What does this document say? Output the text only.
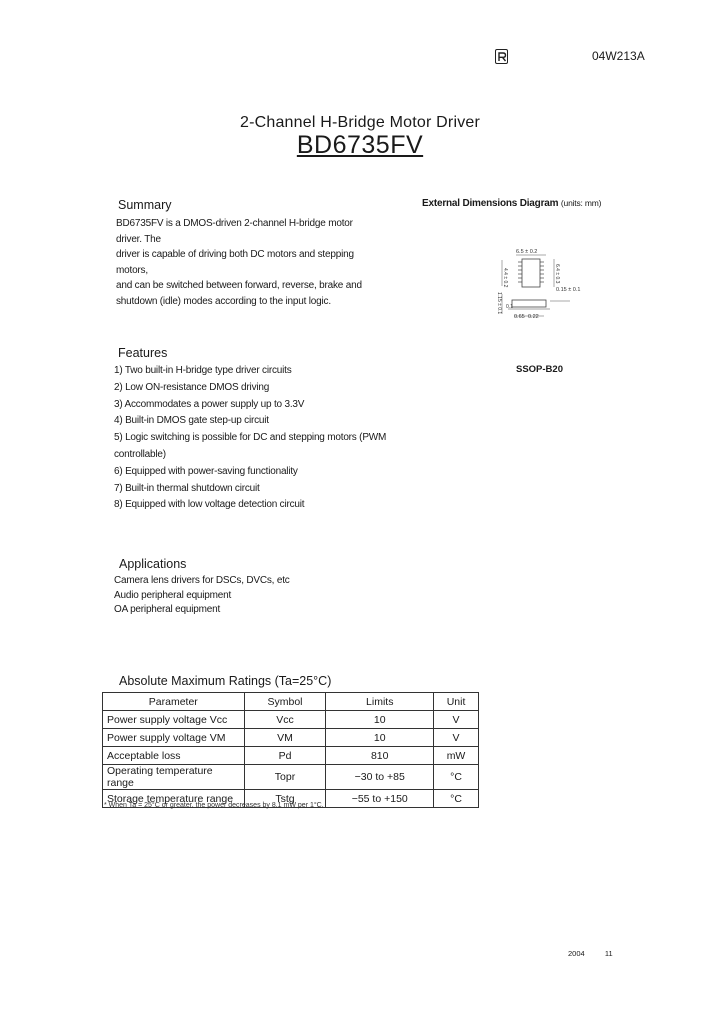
04W213A
2-Channel H-Bridge Motor Driver
BD6735FV
Summary
BD6735FV is a DMOS-driven 2-channel H-bridge motor driver. The
driver is capable of driving both DC motors and stepping motors,
and can be switched between forward, reverse, brake and
shutdown (idle) modes according to the input logic.
External Dimensions Diagram (units: mm)
6.5 ± 0.2
4.4 ± 0.2	6.4 ± 0.3
1.15 ± 0.1
0.15 ± 0.1
0.1
0.22
0.65
SSOP-B20
Features
1) Two built-in H-bridge type driver circuits
2) Low ON-resistance DMOS driving
3) Accommodates a power supply up to 3.3V
4) Built-in DMOS gate step-up circuit
5) Logic switching is possible for DC and stepping motors (PWM controllable)
6) Equipped with power-saving functionality
7) Built-in thermal shutdown circuit
8) Equipped with low voltage detection circuit
Applications
Camera lens drivers for DSCs, DVCs, etc
Audio peripheral equipment
OA peripheral equipment
Absolute Maximum Ratings (Ta=25°C)
Parameter	Symbol	Limits	Unit
Power supply voltage Vcc	Vcc	10	V
Power supply voltage VM	VM	10	V
Acceptable loss	Pd	810	mW
Operating temperature range	Topr	−30 to +85	°C
Storage temperature range	Tstg	−55 to +150	°C
* When Ta = 25°C or greater, the power decreases by 8.1 mW per 1°C.
2004	11
